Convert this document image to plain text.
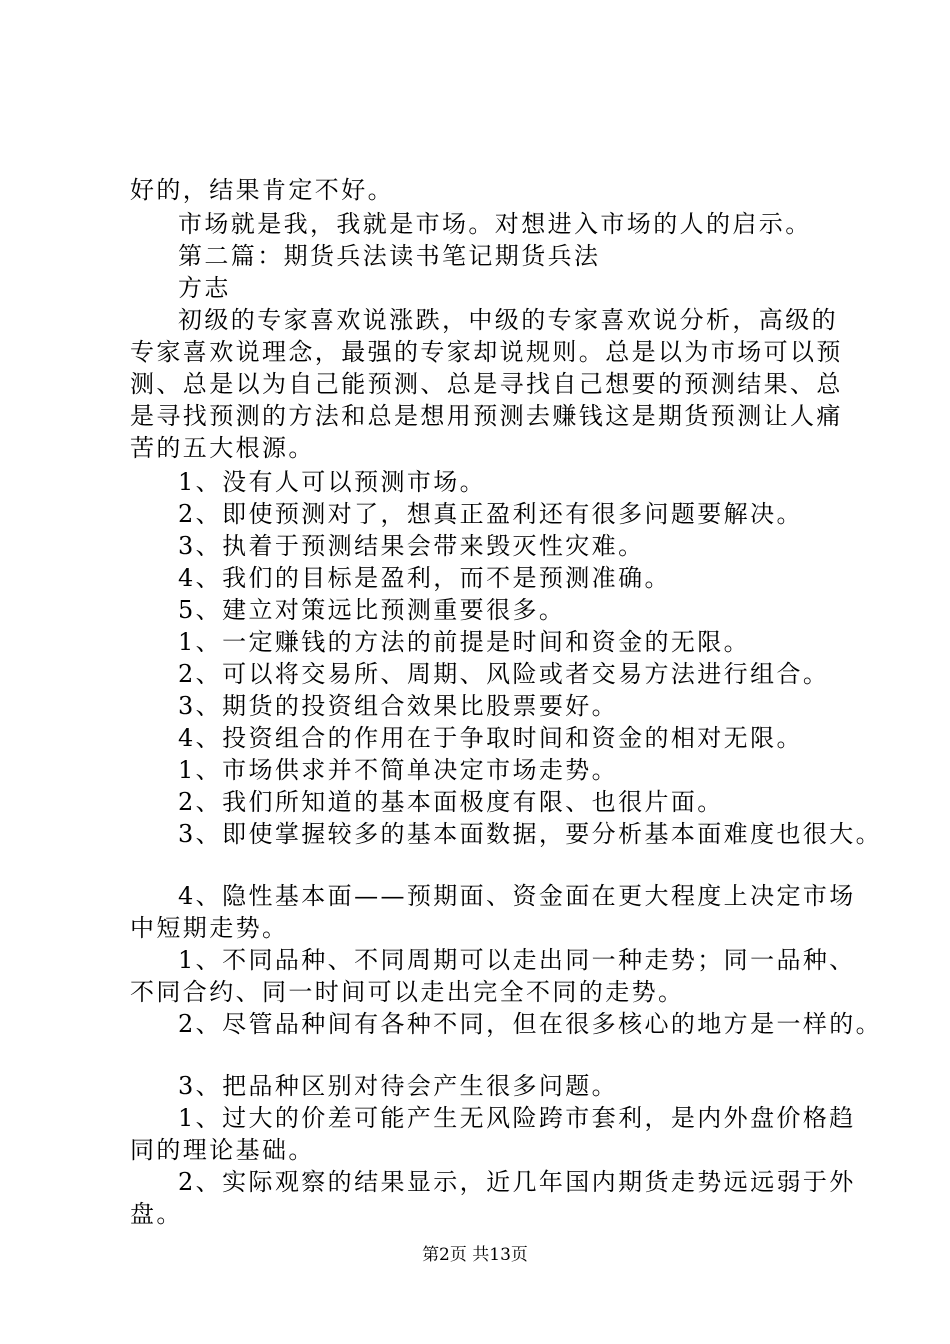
好的，结果肯定不好。
市场就是我，我就是市场。对想进入市场的人的启示。
第二篇：期货兵法读书笔记期货兵法
方志
初级的专家喜欢说涨跌，中级的专家喜欢说分析，高级的
专家喜欢说理念，最强的专家却说规则。总是以为市场可以预
测、总是以为自己能预测、总是寻找自己想要的预测结果、总
是寻找预测的方法和总是想用预测去赚钱这是期货预测让人痛
苦的五大根源。
1、没有人可以预测市场。
2、即使预测对了，想真正盈利还有很多问题要解决。
3、执着于预测结果会带来毁灭性灾难。
4、我们的目标是盈利，而不是预测准确。
5、建立对策远比预测重要很多。
1、一定赚钱的方法的前提是时间和资金的无限。
2、可以将交易所、周期、风险或者交易方法进行组合。
3、期货的投资组合效果比股票要好。
4、投资组合的作用在于争取时间和资金的相对无限。
1、市场供求并不简单决定市场走势。
2、我们所知道的基本面极度有限、也很片面。
3、即使掌握较多的基本面数据，要分析基本面难度也很大。
4、隐性基本面——预期面、资金面在更大程度上决定市场
中短期走势。
1、不同品种、不同周期可以走出同一种走势；同一品种、
不同合约、同一时间可以走出完全不同的走势。
2、尽管品种间有各种不同，但在很多核心的地方是一样的。
3、把品种区别对待会产生很多问题。
1、过大的价差可能产生无风险跨市套利，是内外盘价格趋
同的理论基础。
2、实际观察的结果显示，近几年国内期货走势远远弱于外
盘。
第2页 共13页
